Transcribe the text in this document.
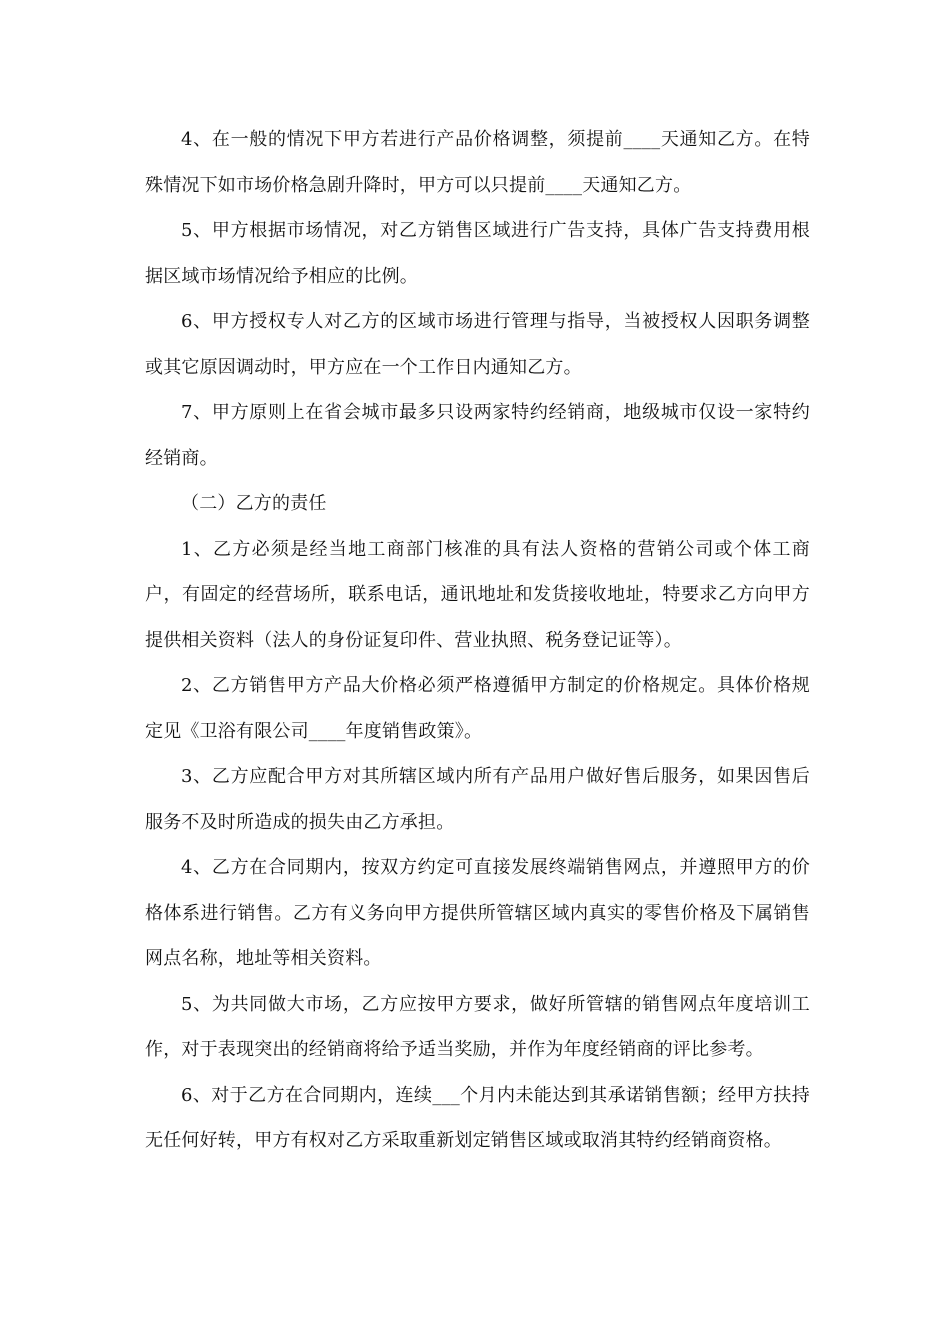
4、在一般的情况下甲方若进行产品价格调整，须提前____天通知乙方。在特殊情况下如市场价格急剧升降时，甲方可以只提前____天通知乙方。

5、甲方根据市场情况，对乙方销售区域进行广告支持，具体广告支持费用根据区域市场情况给予相应的比例。

6、甲方授权专人对乙方的区域市场进行管理与指导，当被授权人因职务调整或其它原因调动时，甲方应在一个工作日内通知乙方。

7、甲方原则上在省会城市最多只设两家特约经销商，地级城市仅设一家特约经销商。

（二）乙方的责任

1、乙方必须是经当地工商部门核准的具有法人资格的营销公司或个体工商户，有固定的经营场所，联系电话，通讯地址和发货接收地址，特要求乙方向甲方提供相关资料（法人的身份证复印件、营业执照、税务登记证等）。

2、乙方销售甲方产品大价格必须严格遵循甲方制定的价格规定。具体价格规定见《卫浴有限公司____年度销售政策》。

3、乙方应配合甲方对其所辖区域内所有产品用户做好售后服务，如果因售后服务不及时所造成的损失由乙方承担。

4、乙方在合同期内，按双方约定可直接发展终端销售网点，并遵照甲方的价格体系进行销售。乙方有义务向甲方提供所管辖区域内真实的零售价格及下属销售网点名称，地址等相关资料。

5、为共同做大市场，乙方应按甲方要求，做好所管辖的销售网点年度培训工作，对于表现突出的经销商将给予适当奖励，并作为年度经销商的评比参考。

6、对于乙方在合同期内，连续___个月内未能达到其承诺销售额；经甲方扶持无任何好转，甲方有权对乙方采取重新划定销售区域或取消其特约经销商资格。
